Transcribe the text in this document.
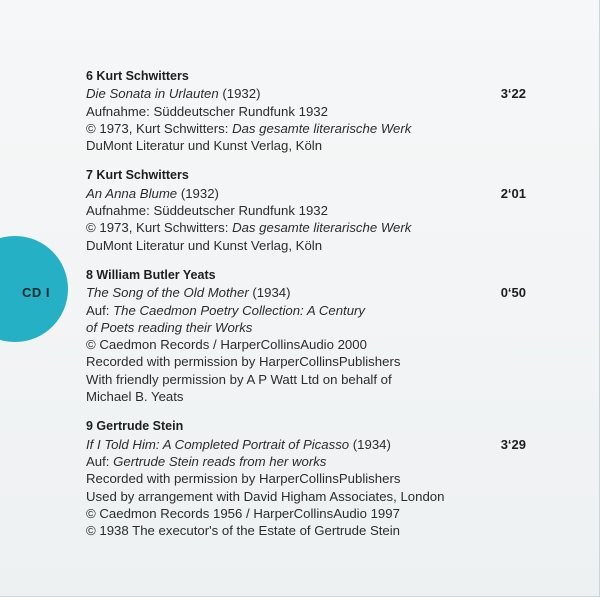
CD I
6 Kurt Schwitters
Die Sonata in Urlauten (1932)	3‘22
Aufnahme: Süddeutscher Rundfunk 1932
© 1973, Kurt Schwitters: Das gesamte literarische Werk
DuMont Literatur und Kunst Verlag, Köln
7 Kurt Schwitters
An Anna Blume (1932)	2‘01
Aufnahme: Süddeutscher Rundfunk 1932
© 1973, Kurt Schwitters: Das gesamte literarische Werk
DuMont Literatur und Kunst Verlag, Köln
8 William Butler Yeats
The Song of the Old Mother (1934)	0‘50
Auf: The Caedmon Poetry Collection: A Century
of Poets reading their Works
© Caedmon Records / HarperCollinsAudio 2000
Recorded with permission by HarperCollinsPublishers
With friendly permission by A P Watt Ltd on behalf of
Michael B. Yeats
9 Gertrude Stein
If I Told Him: A Completed Portrait of Picasso (1934)	3‘29
Auf: Gertrude Stein reads from her works
Recorded with permission by HarperCollinsPublishers
Used by arrangement with David Higham Associates, London
© Caedmon Records 1956 / HarperCollinsAudio 1997
© 1938 The executor's of the Estate of Gertrude Stein
